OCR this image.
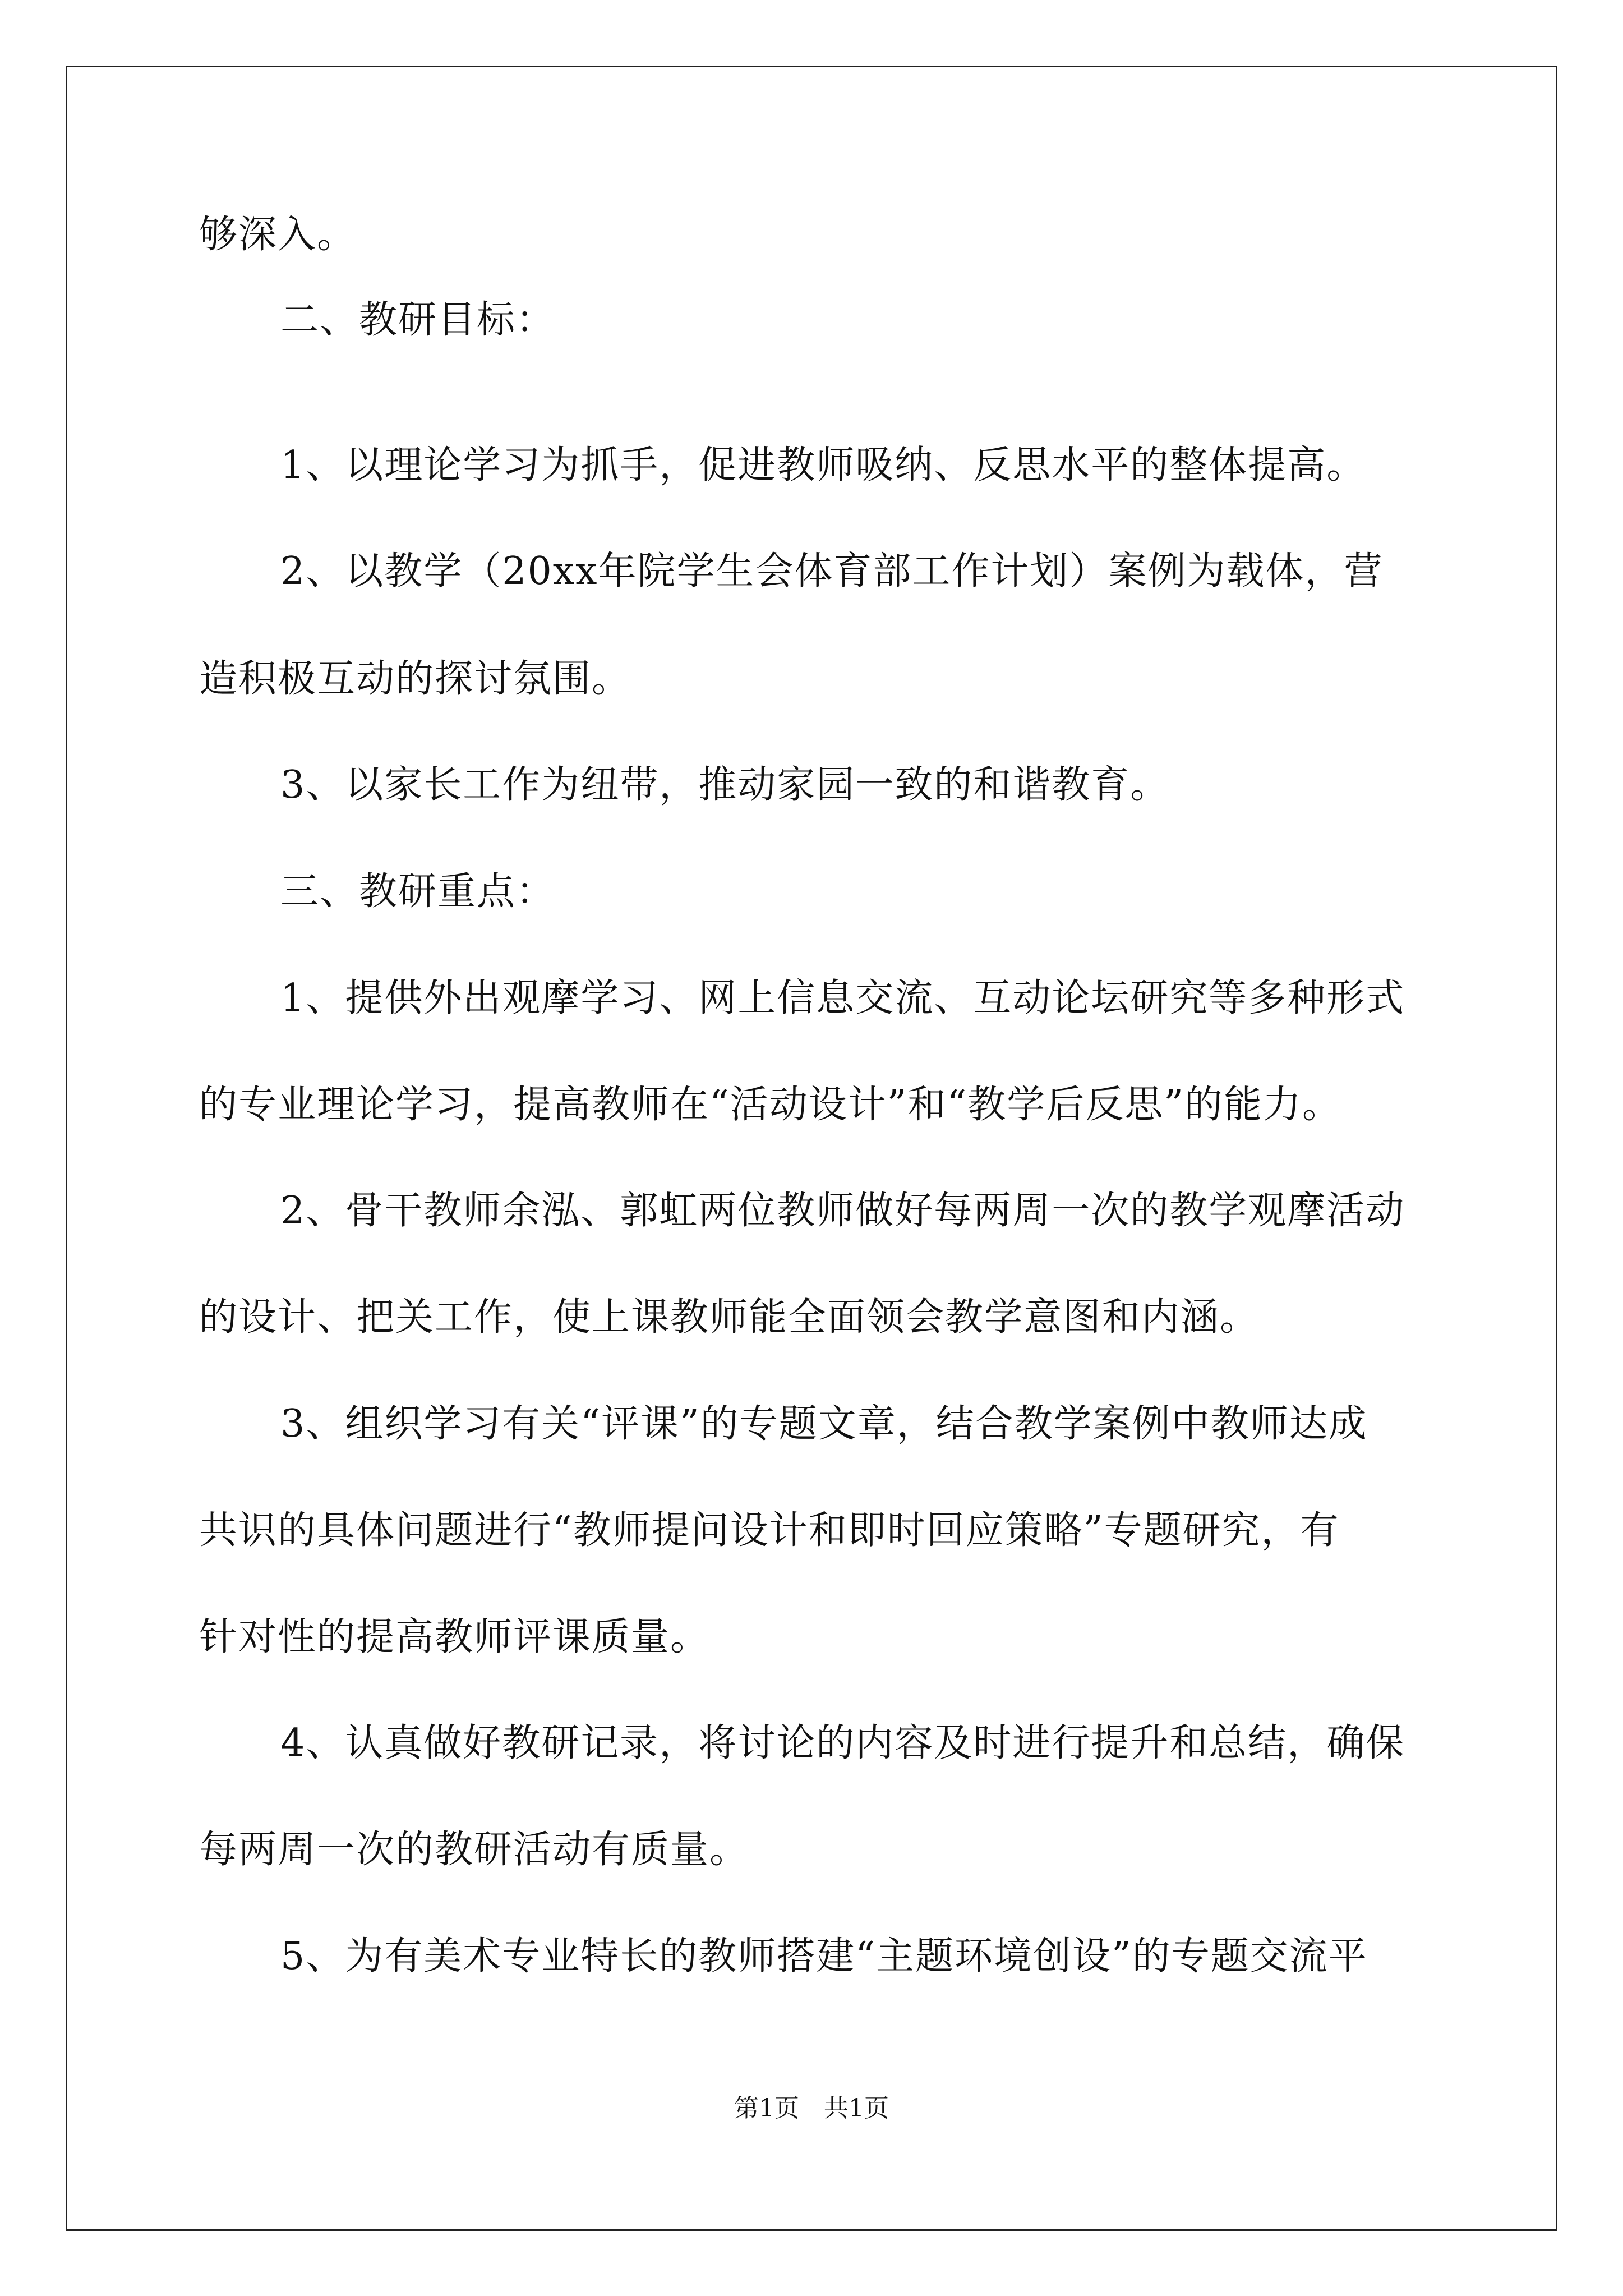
够深入。
二、教研目标：
1、以理论学习为抓手，促进教师吸纳、反思水平的整体提高。
2、以教学（20xx年院学生会体育部工作计划）案例为载体，营
造积极互动的探讨氛围。
3、以家长工作为纽带，推动家园一致的和谐教育。
三、教研重点：
1、提供外出观摩学习、网上信息交流、互动论坛研究等多种形式
的专业理论学习，提高教师在“活动设计”和“教学后反思”的能力。
2、骨干教师余泓、郭虹两位教师做好每两周一次的教学观摩活动
的设计、把关工作，使上课教师能全面领会教学意图和内涵。
3、组织学习有关“评课”的专题文章，结合教学案例中教师达成
共识的具体问题进行“教师提问设计和即时回应策略”专题研究，有
针对性的提高教师评课质量。
4、认真做好教研记录，将讨论的内容及时进行提升和总结，确保
每两周一次的教研活动有质量。
5、为有美术专业特长的教师搭建“主题环境创设”的专题交流平
第1页　共1页
